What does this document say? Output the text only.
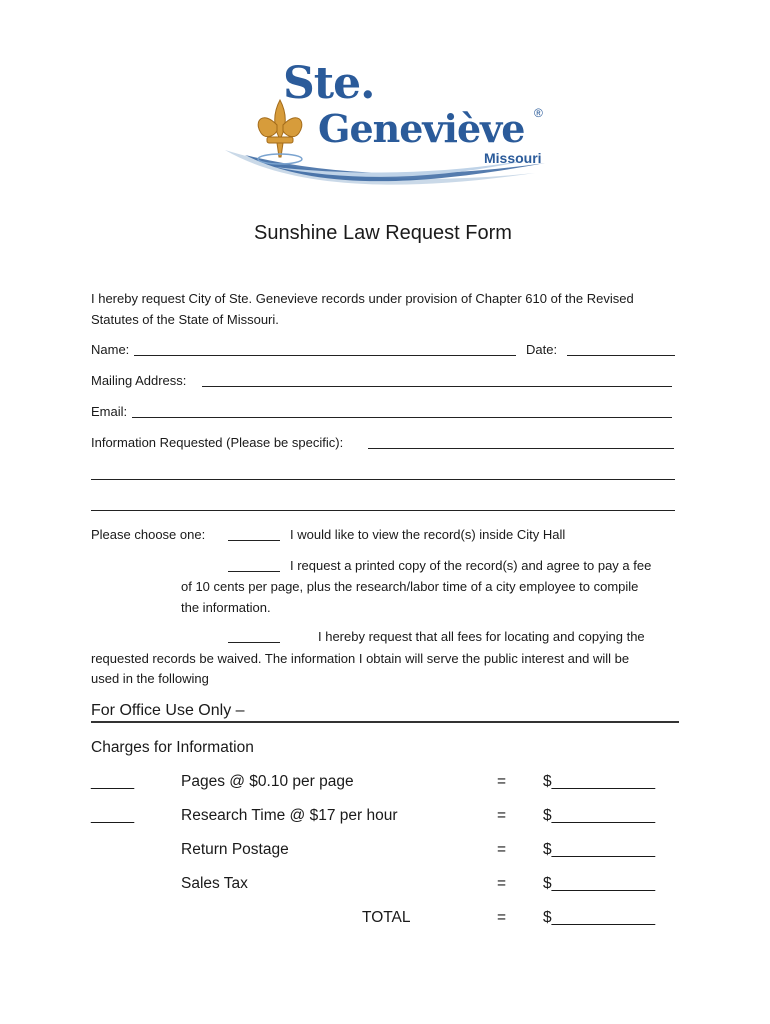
Ste.
Geneviève ®
Missouri
Sunshine Law Request Form
I hereby request City of Ste. Genevieve records under provision of Chapter 610 of the Revised
Statutes of the State of Missouri.
Name:	Date:
Mailing Address:
Email:
Information Requested (Please be specific):
Please choose one:	I would like to view the record(s) inside City Hall
I request a printed copy of the record(s) and agree to pay a fee
of 10 cents per page, plus the research/labor time of a city employee to compile
the information.
I hereby request that all fees for locating and copying the
requested records be waived. The information I obtain will serve the public interest and will be
used in the following
For Office Use Only –
Charges for Information
_____	Pages @ $0.10 per page	= $____________
_____	Research Time @ $17 per hour	= $____________
Return Postage	= $____________
Sales Tax	= $____________
TOTAL	= $____________
